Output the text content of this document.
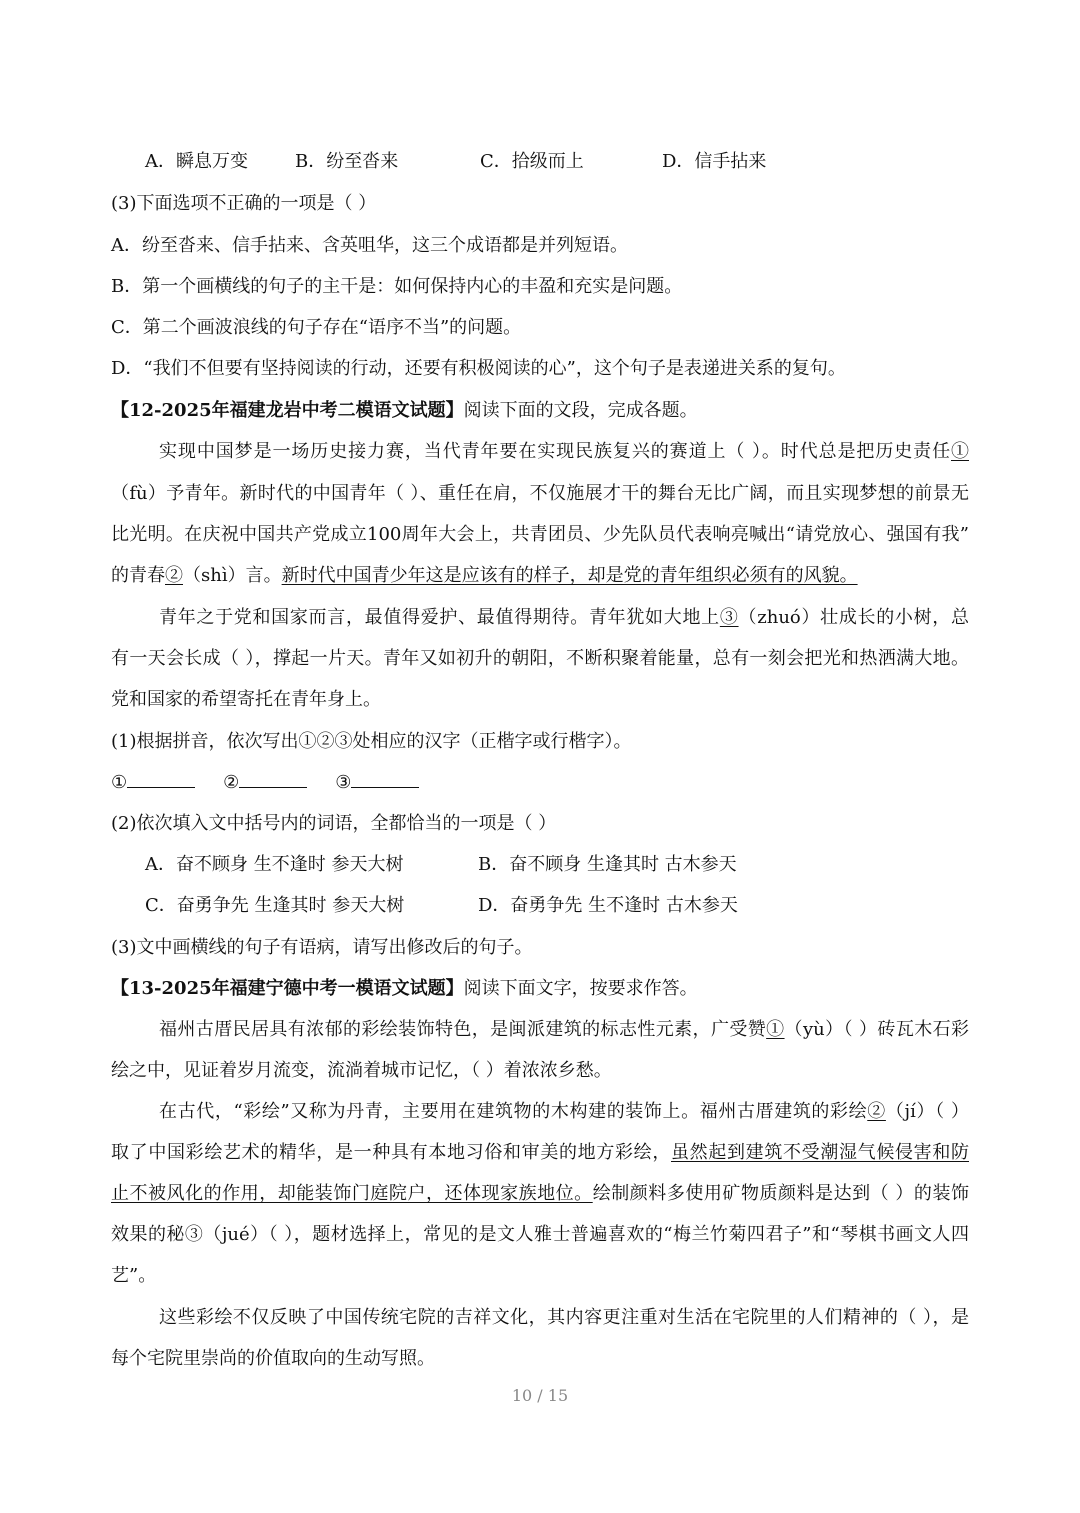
A．瞬息万变	B．纷至沓来	C．拾级而上	D．信手拈来
(3)下面选项不正确的一项是（ ）
A．纷至沓来、信手拈来、含英咀华，这三个成语都是并列短语。
B．第一个画横线的句子的主干是：如何保持内心的丰盈和充实是问题。
C．第二个画波浪线的句子存在“语序不当”的问题。
D．“我们不但要有坚持阅读的行动，还要有积极阅读的心”，这个句子是表递进关系的复句。
【12-2025年福建龙岩中考二模语文试题】阅读下面的文段，完成各题。
实现中国梦是一场历史接力赛，当代青年要在实现民族复兴的赛道上（ ）。时代总是把历史责任①
（fù）予青年。新时代的中国青年（ ）、重任在肩，不仅施展才干的舞台无比广阔，而且实现梦想的前景无
比光明。在庆祝中国共产党成立100周年大会上，共青团员、少先队员代表响亮喊出“请党放心、强国有我”
的青春②（shì）言。新时代中国青少年这是应该有的样子，却是党的青年组织必须有的风貌。
青年之于党和国家而言，最值得爱护、最值得期待。青年犹如大地上③（zhuó）壮成长的小树，总
有一天会长成（ ），撑起一片天。青年又如初升的朝阳，不断积聚着能量，总有一刻会把光和热洒满大地。
党和国家的希望寄托在青年身上。
(1)根据拼音，依次写出①②③处相应的汉字（正楷字或行楷字）。
①	②	③
(2)依次填入文中括号内的词语，全都恰当的一项是（ ）
A．奋不顾身 生不逢时 参天大树	B．奋不顾身 生逢其时 古木参天
C．奋勇争先 生逢其时 参天大树	D．奋勇争先 生不逢时 古木参天
(3)文中画横线的句子有语病，请写出修改后的句子。
【13-2025年福建宁德中考一模语文试题】阅读下面文字，按要求作答。
福州古厝民居具有浓郁的彩绘装饰特色，是闽派建筑的标志性元素，广受赞①（yù）（ ）砖瓦木石彩
绘之中，见证着岁月流变，流淌着城市记忆，（ ）着浓浓乡愁。
在古代，“彩绘”又称为丹青，主要用在建筑物的木构建的装饰上。福州古厝建筑的彩绘②（jí）（ ）
取了中国彩绘艺术的精华，是一种具有本地习俗和审美的地方彩绘，虽然起到建筑不受潮湿气候侵害和防
止不被风化的作用，却能装饰门庭院户，还体现家族地位。绘制颜料多使用矿物质颜料是达到（ ）的装饰
效果的秘③（jué）（ ），题材选择上，常见的是文人雅士普遍喜欢的“梅兰竹菊四君子”和“琴棋书画文人四
艺”。
这些彩绘不仅反映了中国传统宅院的吉祥文化，其内容更注重对生活在宅院里的人们精神的（ ），是
每个宅院里崇尚的价值取向的生动写照。
10 / 15
